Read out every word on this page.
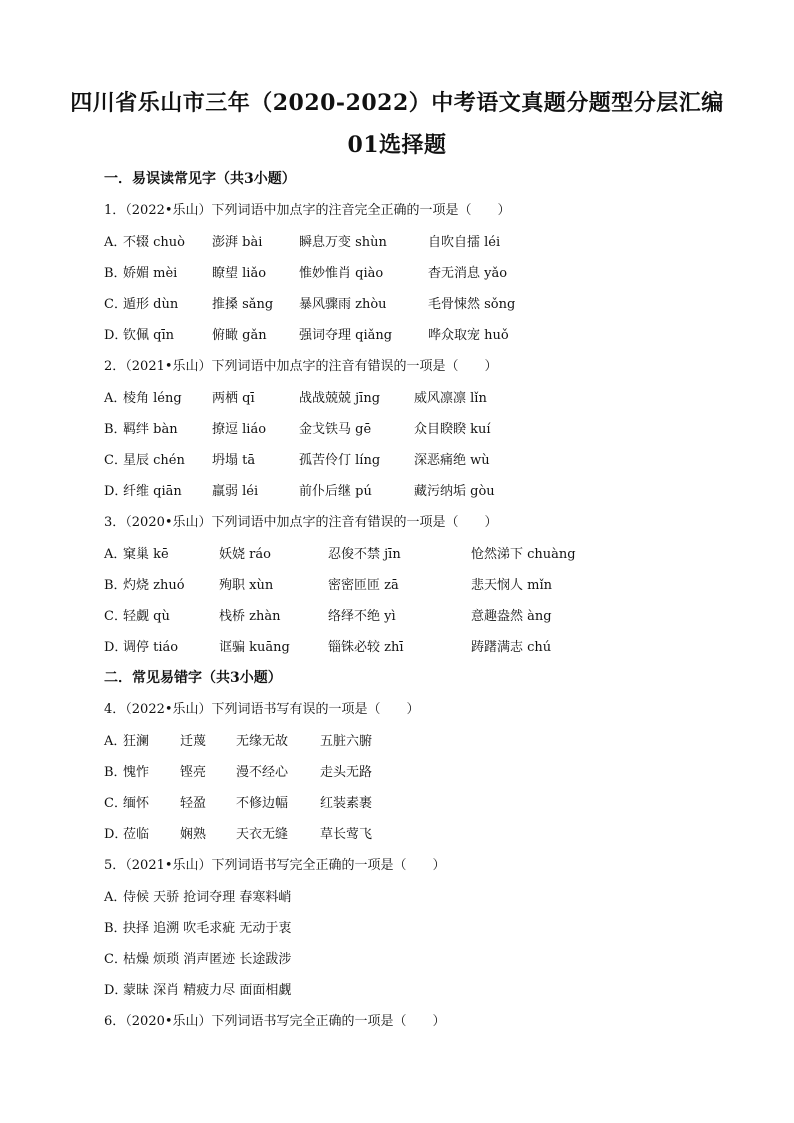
四川省乐山市三年（2020-2022）中考语文真题分题型分层汇编
01选择题
一．易误读常见字（共3小题）
1．（2022•乐山）下列词语中加点字的注音完全正确的一项是（　　）
A．
不辍 chuò 澎湃 bài	瞬息万变 shùn	自吹自擂 léi
B．
娇媚 mèi	瞭望 liǎo	惟妙惟肖 qiào	杳无消息 yǎo
C．
遁形 dùn	推搡 sǎng 暴风骤雨 zhòu	毛骨悚然 sǒng
D．
钦佩 qīn	俯瞰 gǎn 强词夺理 qiǎng	哗众取宠 huǒ
2．（2021•乐山）下列词语中加点字的注音有错误的一项是（　　）
A．
棱角 léng 两栖 qī	战战兢兢 jīng	威风凛凛 lǐn
B．
羁绊 bàn	撩逗 liáo	金戈铁马 gē	众目睽睽 kuí
C．
星辰 chén 坍塌 tā	孤苦伶仃 líng	深恶痛绝 wù
D．
纤维 qiān 羸弱 léi	前仆后继 pú	藏污纳垢 gòu
3．（2020•乐山）下列词语中加点字的注音有错误的一项是（　　）
A．
窠巢 kē	妖娆 ráo	忍俊不禁 jīn	怆然涕下 chuàng
B．
灼烧 zhuó	殉职 xùn	密密匝匝 zā	悲天悯人 mǐn
C．
轻觑 qù	栈桥 zhàn	络绎不绝 yì	意趣盎然 àng
D．
调停 tiáo	诓骗 kuāng	锱铢必较 zhī	踌躇满志 chú
二．常见易错字（共3小题）
4．（2022•乐山）下列词语书写有误的一项是（　　）
A．
狂澜 迁蔑 无缘无故 五脏六腑
B．
愧怍 铿亮 漫不经心 走头无路
C．
缅怀 轻盈 不修边幅 红装素裹
D．
莅临 娴熟 天衣无缝 草长莺飞
5．（2021•乐山）下列词语书写完全正确的一项是（　　）
A．
侍候 天骄 抢词夺理 春寒料峭
B．
抉择 追溯 吹毛求疵 无动于衷
C．
枯燥 烦琐 消声匿迹 长途跋涉
D．
蒙昧 深肖 精疲力尽 面面相觑
6．（2020•乐山）下列词语书写完全正确的一项是（　　）
